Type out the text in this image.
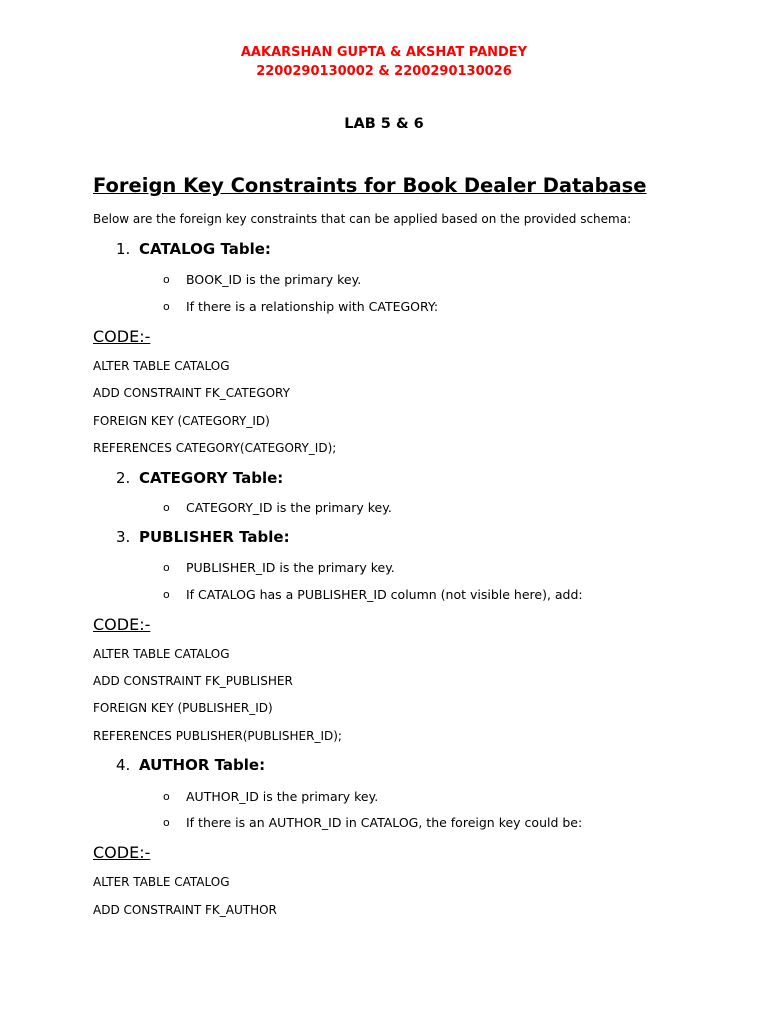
AAKARSHAN GUPTA & AKSHAT PANDEY
2200290130002 & 2200290130026
LAB 5 & 6
Foreign Key Constraints for Book Dealer Database
Below are the foreign key constraints that can be applied based on the provided schema:
1. CATALOG Table:
o BOOK_ID is the primary key.
o If there is a relationship with CATEGORY:
CODE:-
ALTER TABLE CATALOG
ADD CONSTRAINT FK_CATEGORY
FOREIGN KEY (CATEGORY_ID)
REFERENCES CATEGORY(CATEGORY_ID);
2. CATEGORY Table:
o CATEGORY_ID is the primary key.
3. PUBLISHER Table:
o PUBLISHER_ID is the primary key.
o If CATALOG has a PUBLISHER_ID column (not visible here), add:
CODE:-
ALTER TABLE CATALOG
ADD CONSTRAINT FK_PUBLISHER
FOREIGN KEY (PUBLISHER_ID)
REFERENCES PUBLISHER(PUBLISHER_ID);
4. AUTHOR Table:
o AUTHOR_ID is the primary key.
o If there is an AUTHOR_ID in CATALOG, the foreign key could be:
CODE:-
ALTER TABLE CATALOG
ADD CONSTRAINT FK_AUTHOR
